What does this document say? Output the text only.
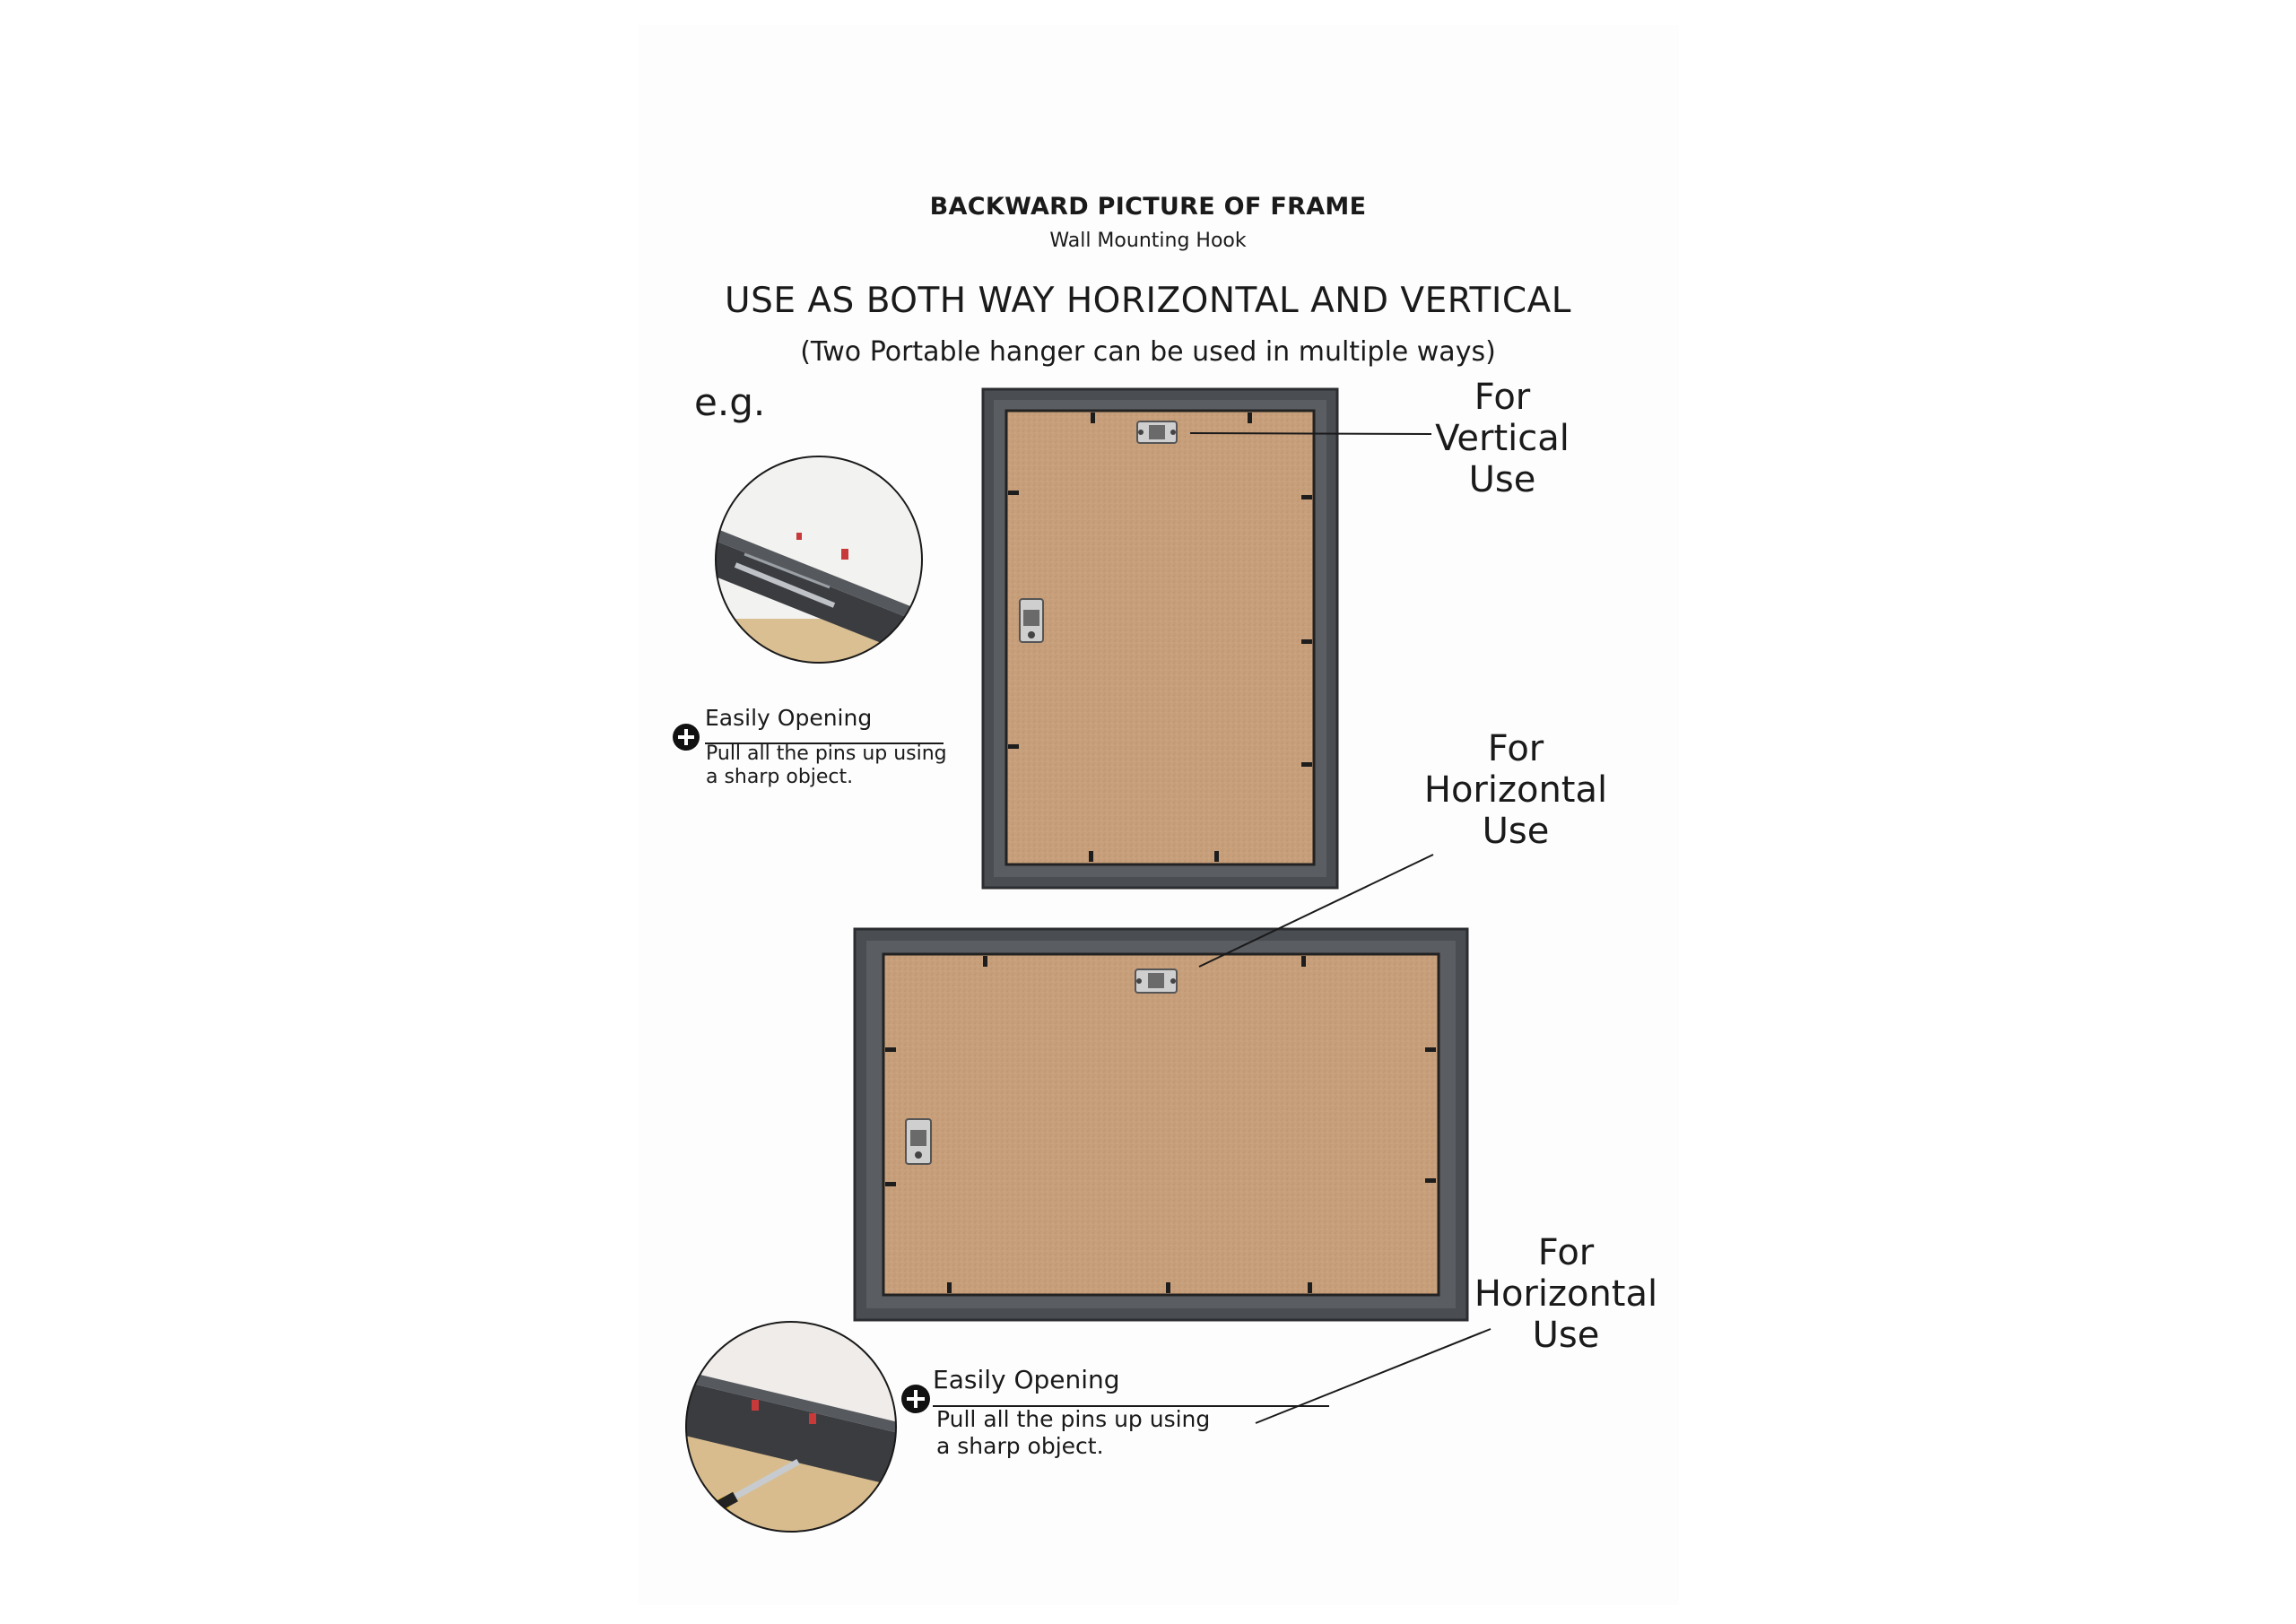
BACKWARD PICTURE OF FRAME
Wall Mounting Hook
USE AS BOTH WAY HORIZONTAL AND VERTICAL
(Two Portable hanger can be used in multiple ways)
e.g.	For
Vertical
Use
For
Horizontal
Use
For
Horizontal
Use
Easily Opening
Pull all the pins up using
a sharp object.
Easily Opening
Pull all the pins up using
a sharp object.
